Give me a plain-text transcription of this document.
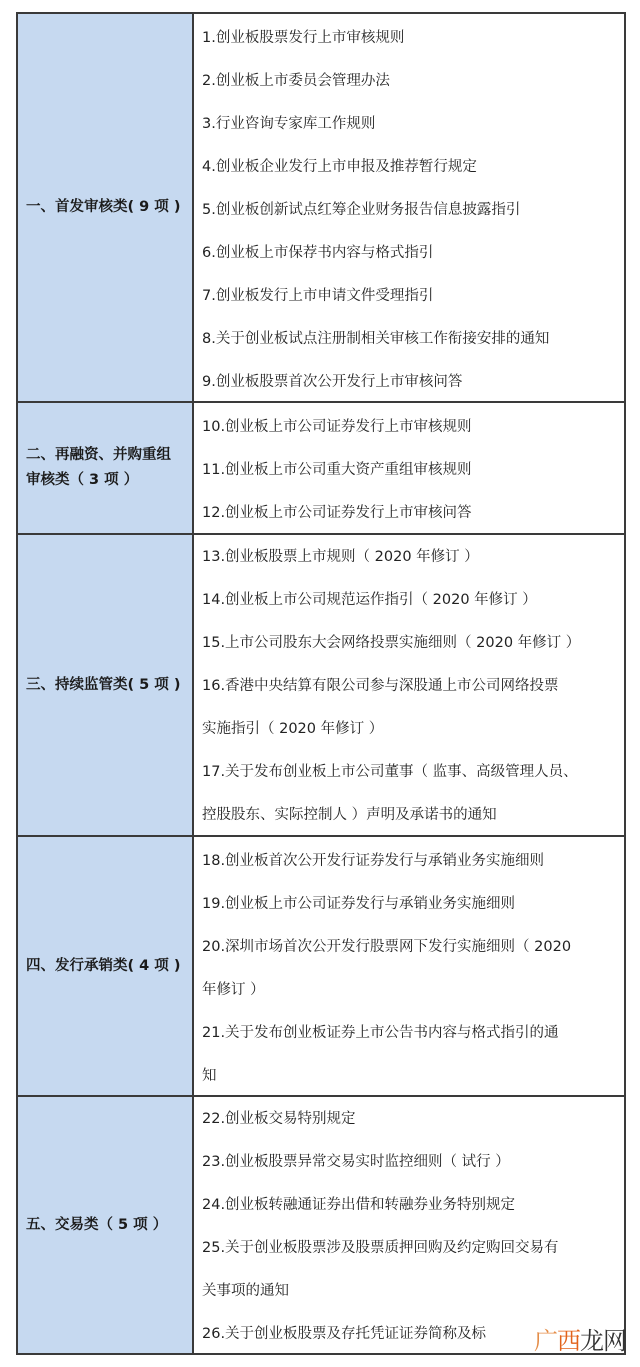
一、首发审核类( 9 项 )
1.创业板股票发行上市审核规则
2.创业板上市委员会管理办法
3.行业咨询专家库工作规则
4.创业板企业发行上市申报及推荐暂行规定
5.创业板创新试点红筹企业财务报告信息披露指引
6.创业板上市保荐书内容与格式指引
7.创业板发行上市申请文件受理指引
8.关于创业板试点注册制相关审核工作衔接安排的通知
9.创业板股票首次公开发行上市审核问答
二、再融资、并购重组
审核类（ 3 项 ）
10.创业板上市公司证券发行上市审核规则
11.创业板上市公司重大资产重组审核规则
12.创业板上市公司证券发行上市审核问答
三、持续监管类( 5 项 )
13.创业板股票上市规则（ 2020 年修订 ）
14.创业板上市公司规范运作指引（ 2020 年修订 ）
15.上市公司股东大会网络投票实施细则（ 2020 年修订 ）
16.香港中央结算有限公司参与深股通上市公司网络投票
实施指引（ 2020 年修订 ）
17.关于发布创业板上市公司董事（ 监事、高级管理人员、
控股股东、实际控制人 ）声明及承诺书的通知
四、发行承销类( 4 项 )
18.创业板首次公开发行证券发行与承销业务实施细则
19.创业板上市公司证券发行与承销业务实施细则
20.深圳市场首次公开发行股票网下发行实施细则（ 2020
年修订 ）
21.关于发布创业板证券上市公告书内容与格式指引的通
知
五、交易类（ 5 项 ）
22.创业板交易特别规定
23.创业板股票异常交易实时监控细则（ 试行 ）
24.创业板转融通证券出借和转融券业务特别规定
25.关于创业板股票涉及股票质押回购及约定购回交易有
关事项的通知
26.关于创业板股票及存托凭证证券简称及标 广西龙网
